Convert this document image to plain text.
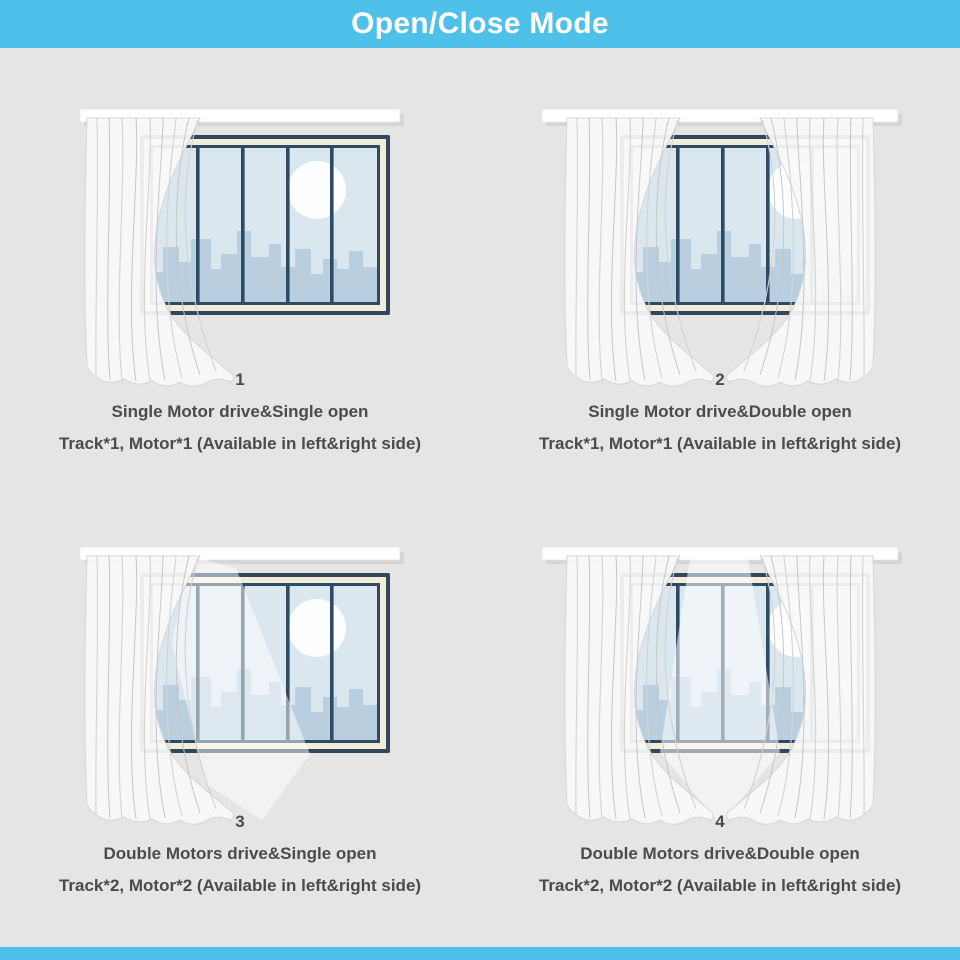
Open/Close Mode
1
Single Motor drive&Single open
Track*1, Motor*1 (Available in left&right side)
2
Single Motor drive&Double open
Track*1, Motor*1 (Available in left&right side)
3
Double Motors drive&Single open
Track*2, Motor*2 (Available in left&right side)
4
Double Motors drive&Double open
Track*2, Motor*2 (Available in left&right side)
